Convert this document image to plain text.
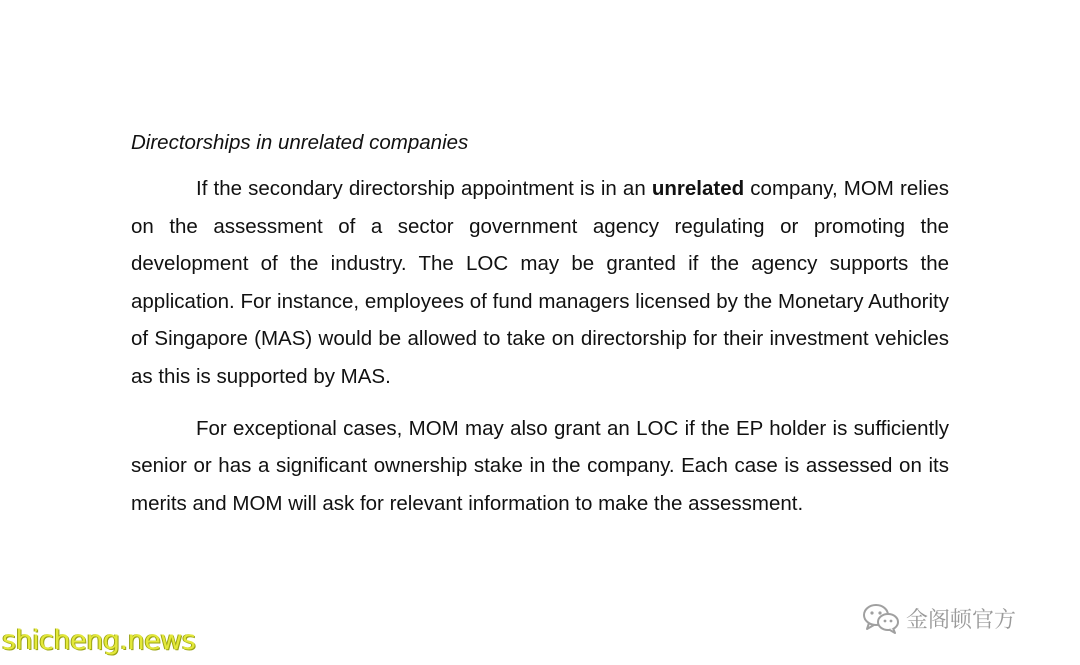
Directorships in unrelated companies

If the secondary directorship appointment is in an unrelated company, MOM relies on the assessment of a sector government agency regulating or promoting the development of the industry. The LOC may be granted if the agency supports the application. For instance, employees of fund managers licensed by the Monetary Authority of Singapore (MAS) would be allowed to take on directorship for their investment vehicles as this is supported by MAS.

For exceptional cases, MOM may also grant an LOC if the EP holder is sufficiently senior or has a significant ownership stake in the company. Each case is assessed on its merits and MOM will ask for relevant information to make the assessment.

shicheng.news
金阁顿官方
